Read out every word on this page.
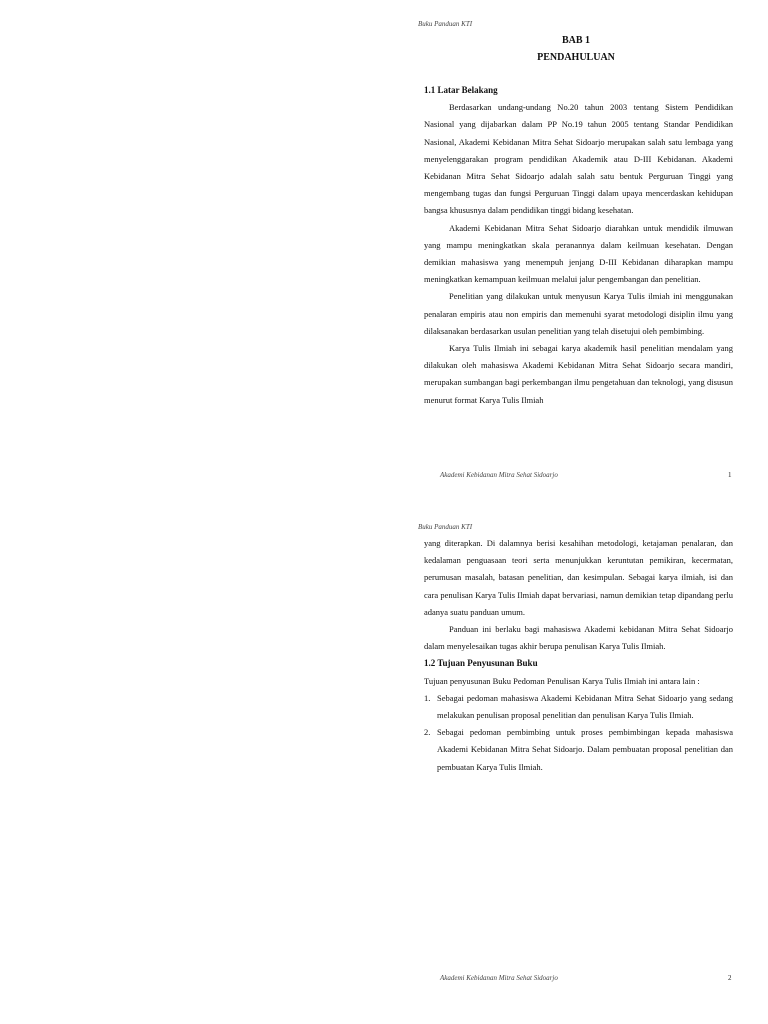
Buku Panduan KTI
BAB 1
PENDAHULUAN

1.1 Latar Belakang

Berdasarkan undang-undang No.20 tahun 2003 tentang Sistem Pendidikan Nasional yang dijabarkan dalam PP No.19 tahun 2005 tentang Standar Pendidikan Nasional, Akademi Kebidanan Mitra Sehat Sidoarjo merupakan salah satu lembaga yang menyelenggarakan program pendidikan Akademik atau D-III Kebidanan. Akademi Kebidanan Mitra Sehat Sidoarjo adalah salah satu bentuk Perguruan Tinggi yang mengembang tugas dan fungsi Perguruan Tinggi dalam upaya mencerdaskan kehidupan bangsa khususnya dalam pendidikan tinggi bidang kesehatan.

Akademi Kebidanan Mitra Sehat Sidoarjo diarahkan untuk mendidik ilmuwan yang mampu meningkatkan skala peranannya dalam keilmuan kesehatan. Dengan demikian mahasiswa yang menempuh jenjang D-III Kebidanan diharapkan mampu meningkatkan kemampuan keilmuan melalui jalur pengembangan dan penelitian.

Penelitian yang dilakukan untuk menyusun Karya Tulis ilmiah ini menggunakan penalaran empiris atau non empiris dan memenuhi syarat metodologi disiplin ilmu yang dilaksanakan berdasarkan usulan penelitian yang telah disetujui oleh pembimbing.

Karya Tulis Ilmiah ini sebagai karya akademik hasil penelitian mendalam yang dilakukan oleh mahasiswa Akademi Kebidanan Mitra Sehat Sidoarjo secara mandiri, merupakan sumbangan bagi perkembangan ilmu pengetahuan dan teknologi, yang disusun menurut format Karya Tulis Ilmiah

Akademi Kebidanan Mitra Sehat Sidoarjo	1
Buku Panduan KTI

yang diterapkan. Di dalamnya berisi kesahihan metodologi, ketajaman penalaran, dan kedalaman penguasaan teori serta menunjukkan keruntutan pemikiran, kecermatan, perumusan masalah, batasan penelitian, dan kesimpulan. Sebagai karya ilmiah, isi dan cara penulisan Karya Tulis Ilmiah dapat bervariasi, namun demikian tetap dipandang perlu adanya suatu panduan umum.

Panduan ini berlaku bagi mahasiswa Akademi kebidanan Mitra Sehat Sidoarjo dalam menyelesaikan tugas akhir berupa penulisan Karya Tulis Ilmiah.

1.2 Tujuan Penyusunan Buku

Tujuan penyusunan Buku Pedoman Penulisan Karya Tulis Ilmiah ini antara lain :

1. Sebagai pedoman mahasiswa Akademi Kebidanan Mitra Sehat Sidoarjo yang sedang melakukan penulisan proposal penelitian dan penulisan Karya Tulis Ilmiah.
2. Sebagai pedoman pembimbing untuk proses pembimbingan kepada mahasiswa Akademi Kebidanan Mitra Sehat Sidoarjo. Dalam pembuatan proposal penelitian dan pembuatan Karya Tulis Ilmiah.
Akademi Kebidanan Mitra Sehat Sidoarjo	2
